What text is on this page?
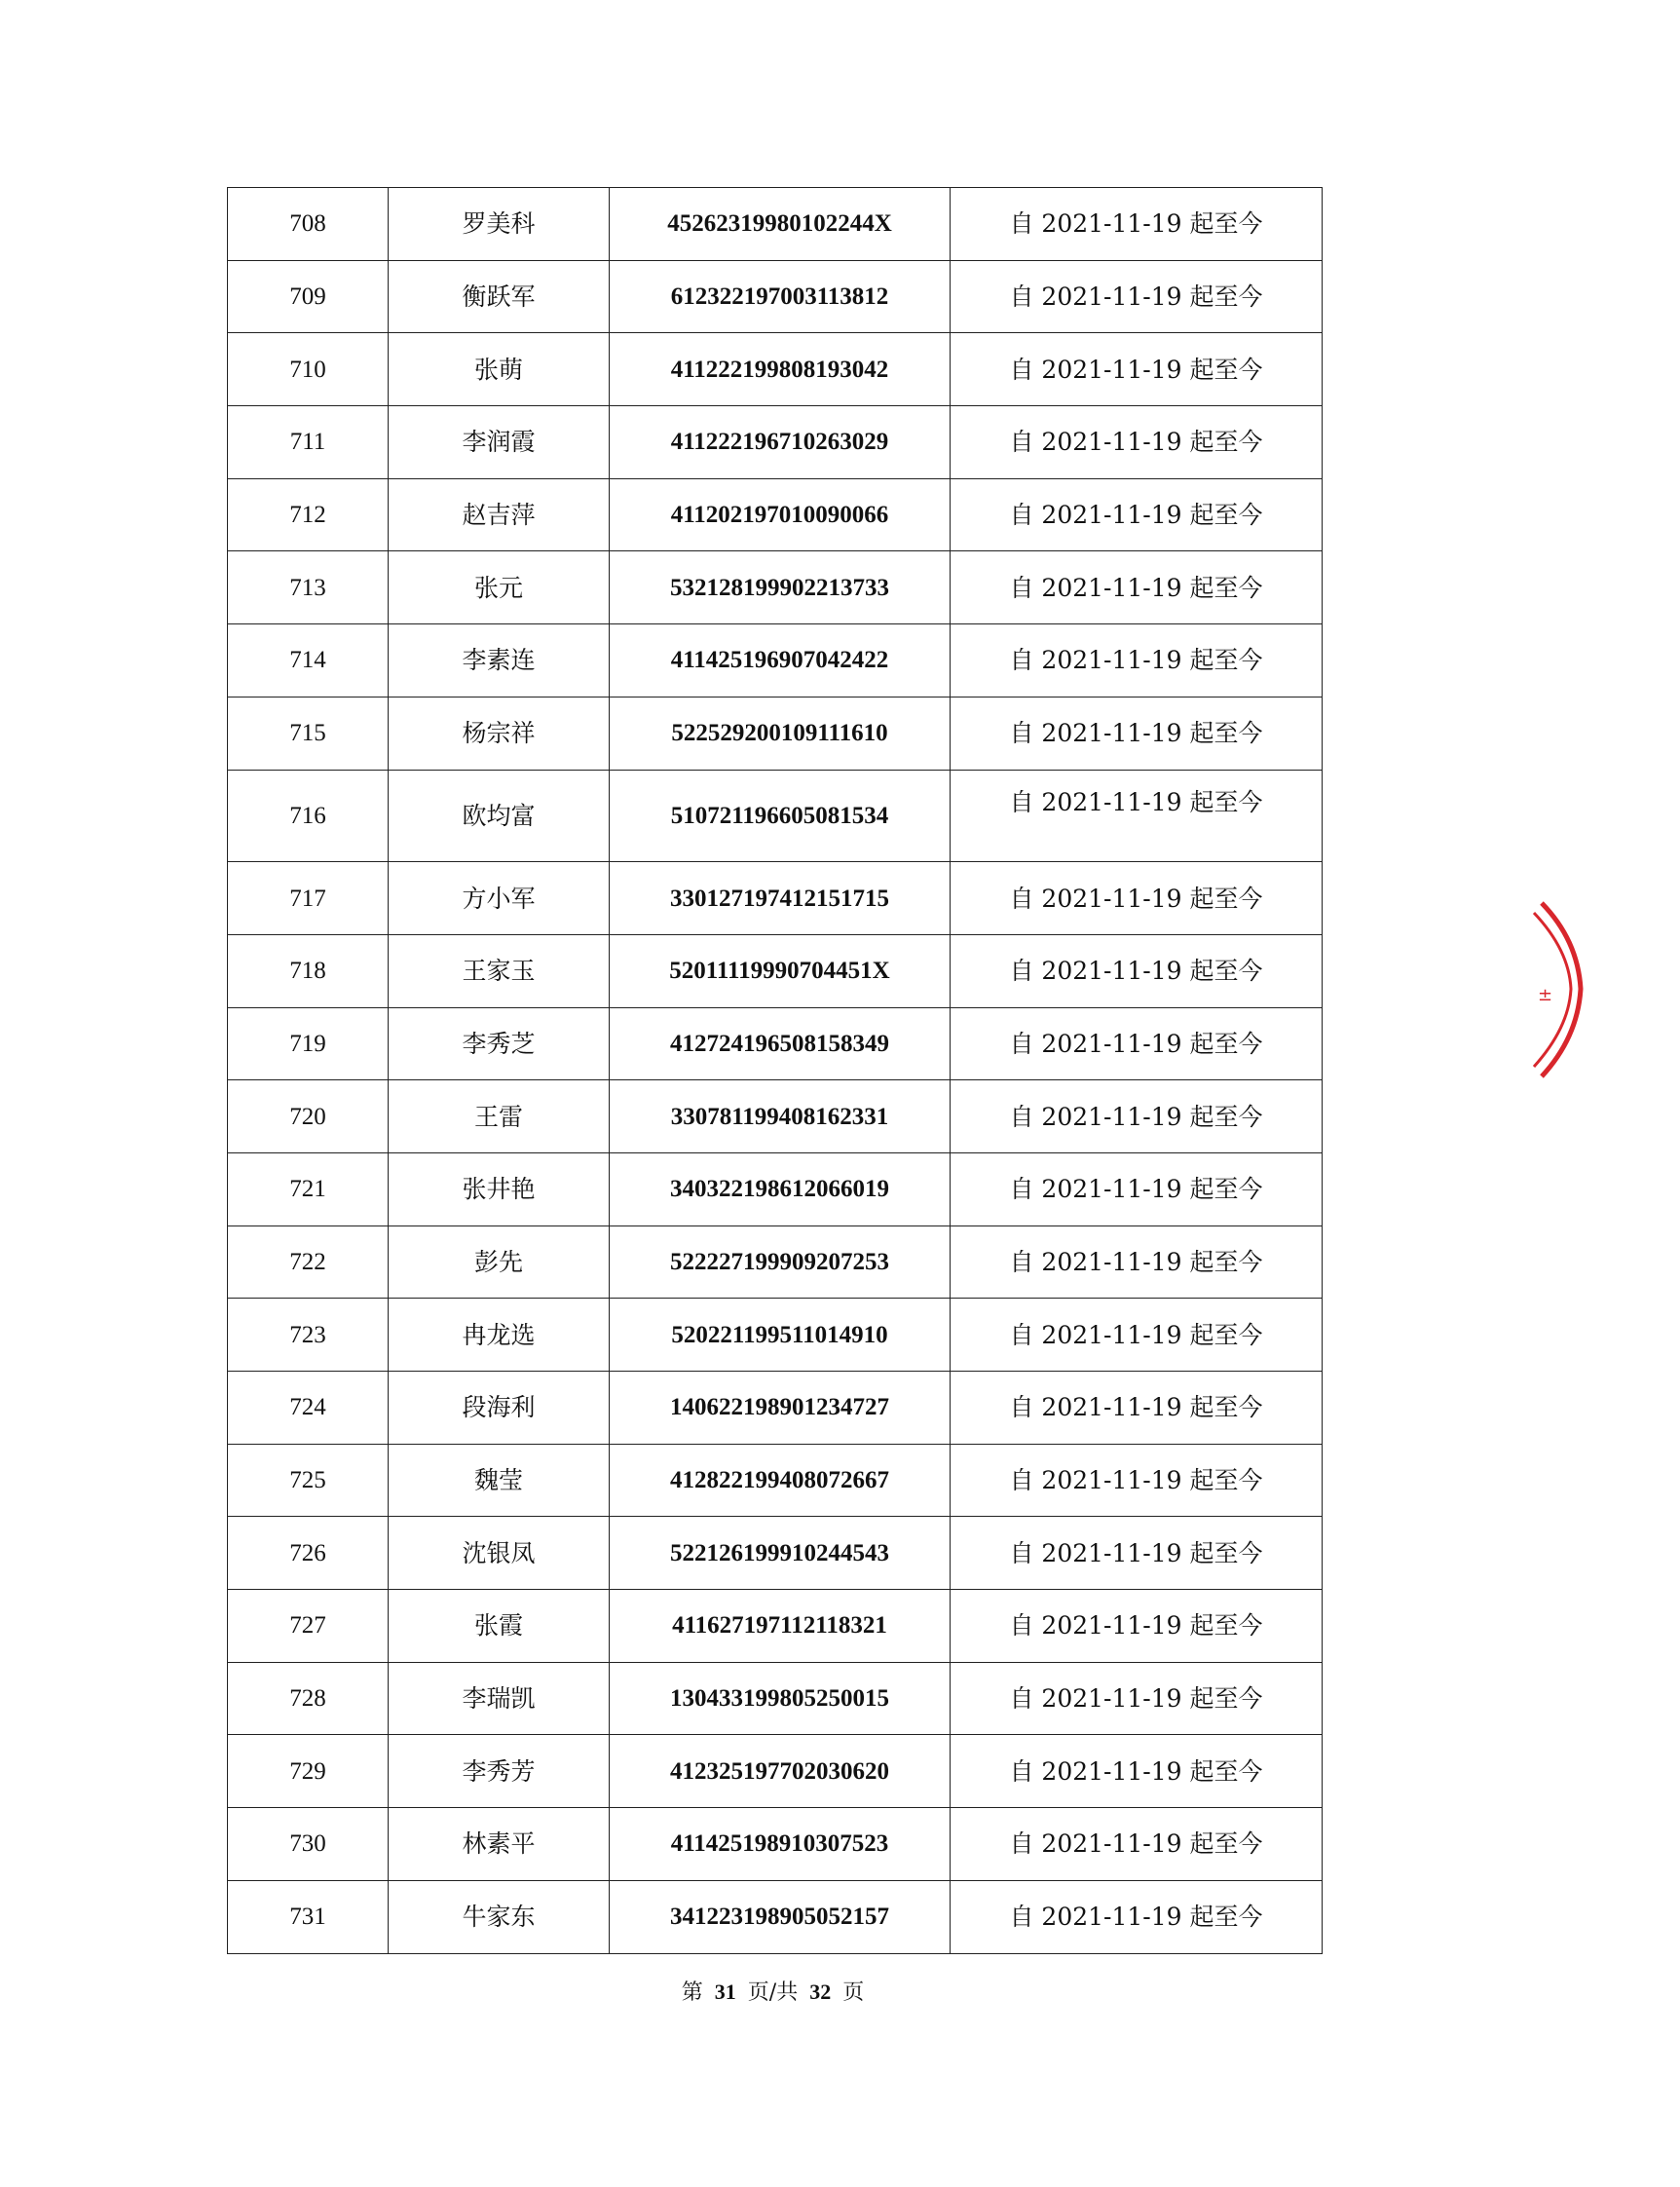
708	罗美科	45262319980102244X	自 2021-11-19 起至今
709	衡跃军	612322197003113812	自 2021-11-19 起至今
710	张萌	411222199808193042	自 2021-11-19 起至今
711	李润霞	411222196710263029	自 2021-11-19 起至今
712	赵吉萍	411202197010090066	自 2021-11-19 起至今
713	张元	532128199902213733	自 2021-11-19 起至今
714	李素连	411425196907042422	自 2021-11-19 起至今
715	杨宗祥	522529200109111610	自 2021-11-19 起至今
716	欧均富	510721196605081534	自 2021-11-19 起至今
717	方小军	330127197412151715	自 2021-11-19 起至今
718	王家玉	52011119990704451X	自 2021-11-19 起至今
719	李秀芝	412724196508158349	自 2021-11-19 起至今
720	王雷	330781199408162331	自 2021-11-19 起至今
721	张井艳	340322198612066019	自 2021-11-19 起至今
722	彭先	522227199909207253	自 2021-11-19 起至今
723	冉龙选	520221199511014910	自 2021-11-19 起至今
724	段海利	140622198901234727	自 2021-11-19 起至今
725	魏莹	412822199408072667	自 2021-11-19 起至今
726	沈银凤	522126199910244543	自 2021-11-19 起至今
727	张霞	411627197112118321	自 2021-11-19 起至今
728	李瑞凯	130433199805250015	自 2021-11-19 起至今
729	李秀芳	412325197702030620	自 2021-11-19 起至今
730	林素平	411425198910307523	自 2021-11-19 起至今
731	牛家东	341223198905052157	自 2021-11-19 起至今
第 31 页/共 32 页
±
